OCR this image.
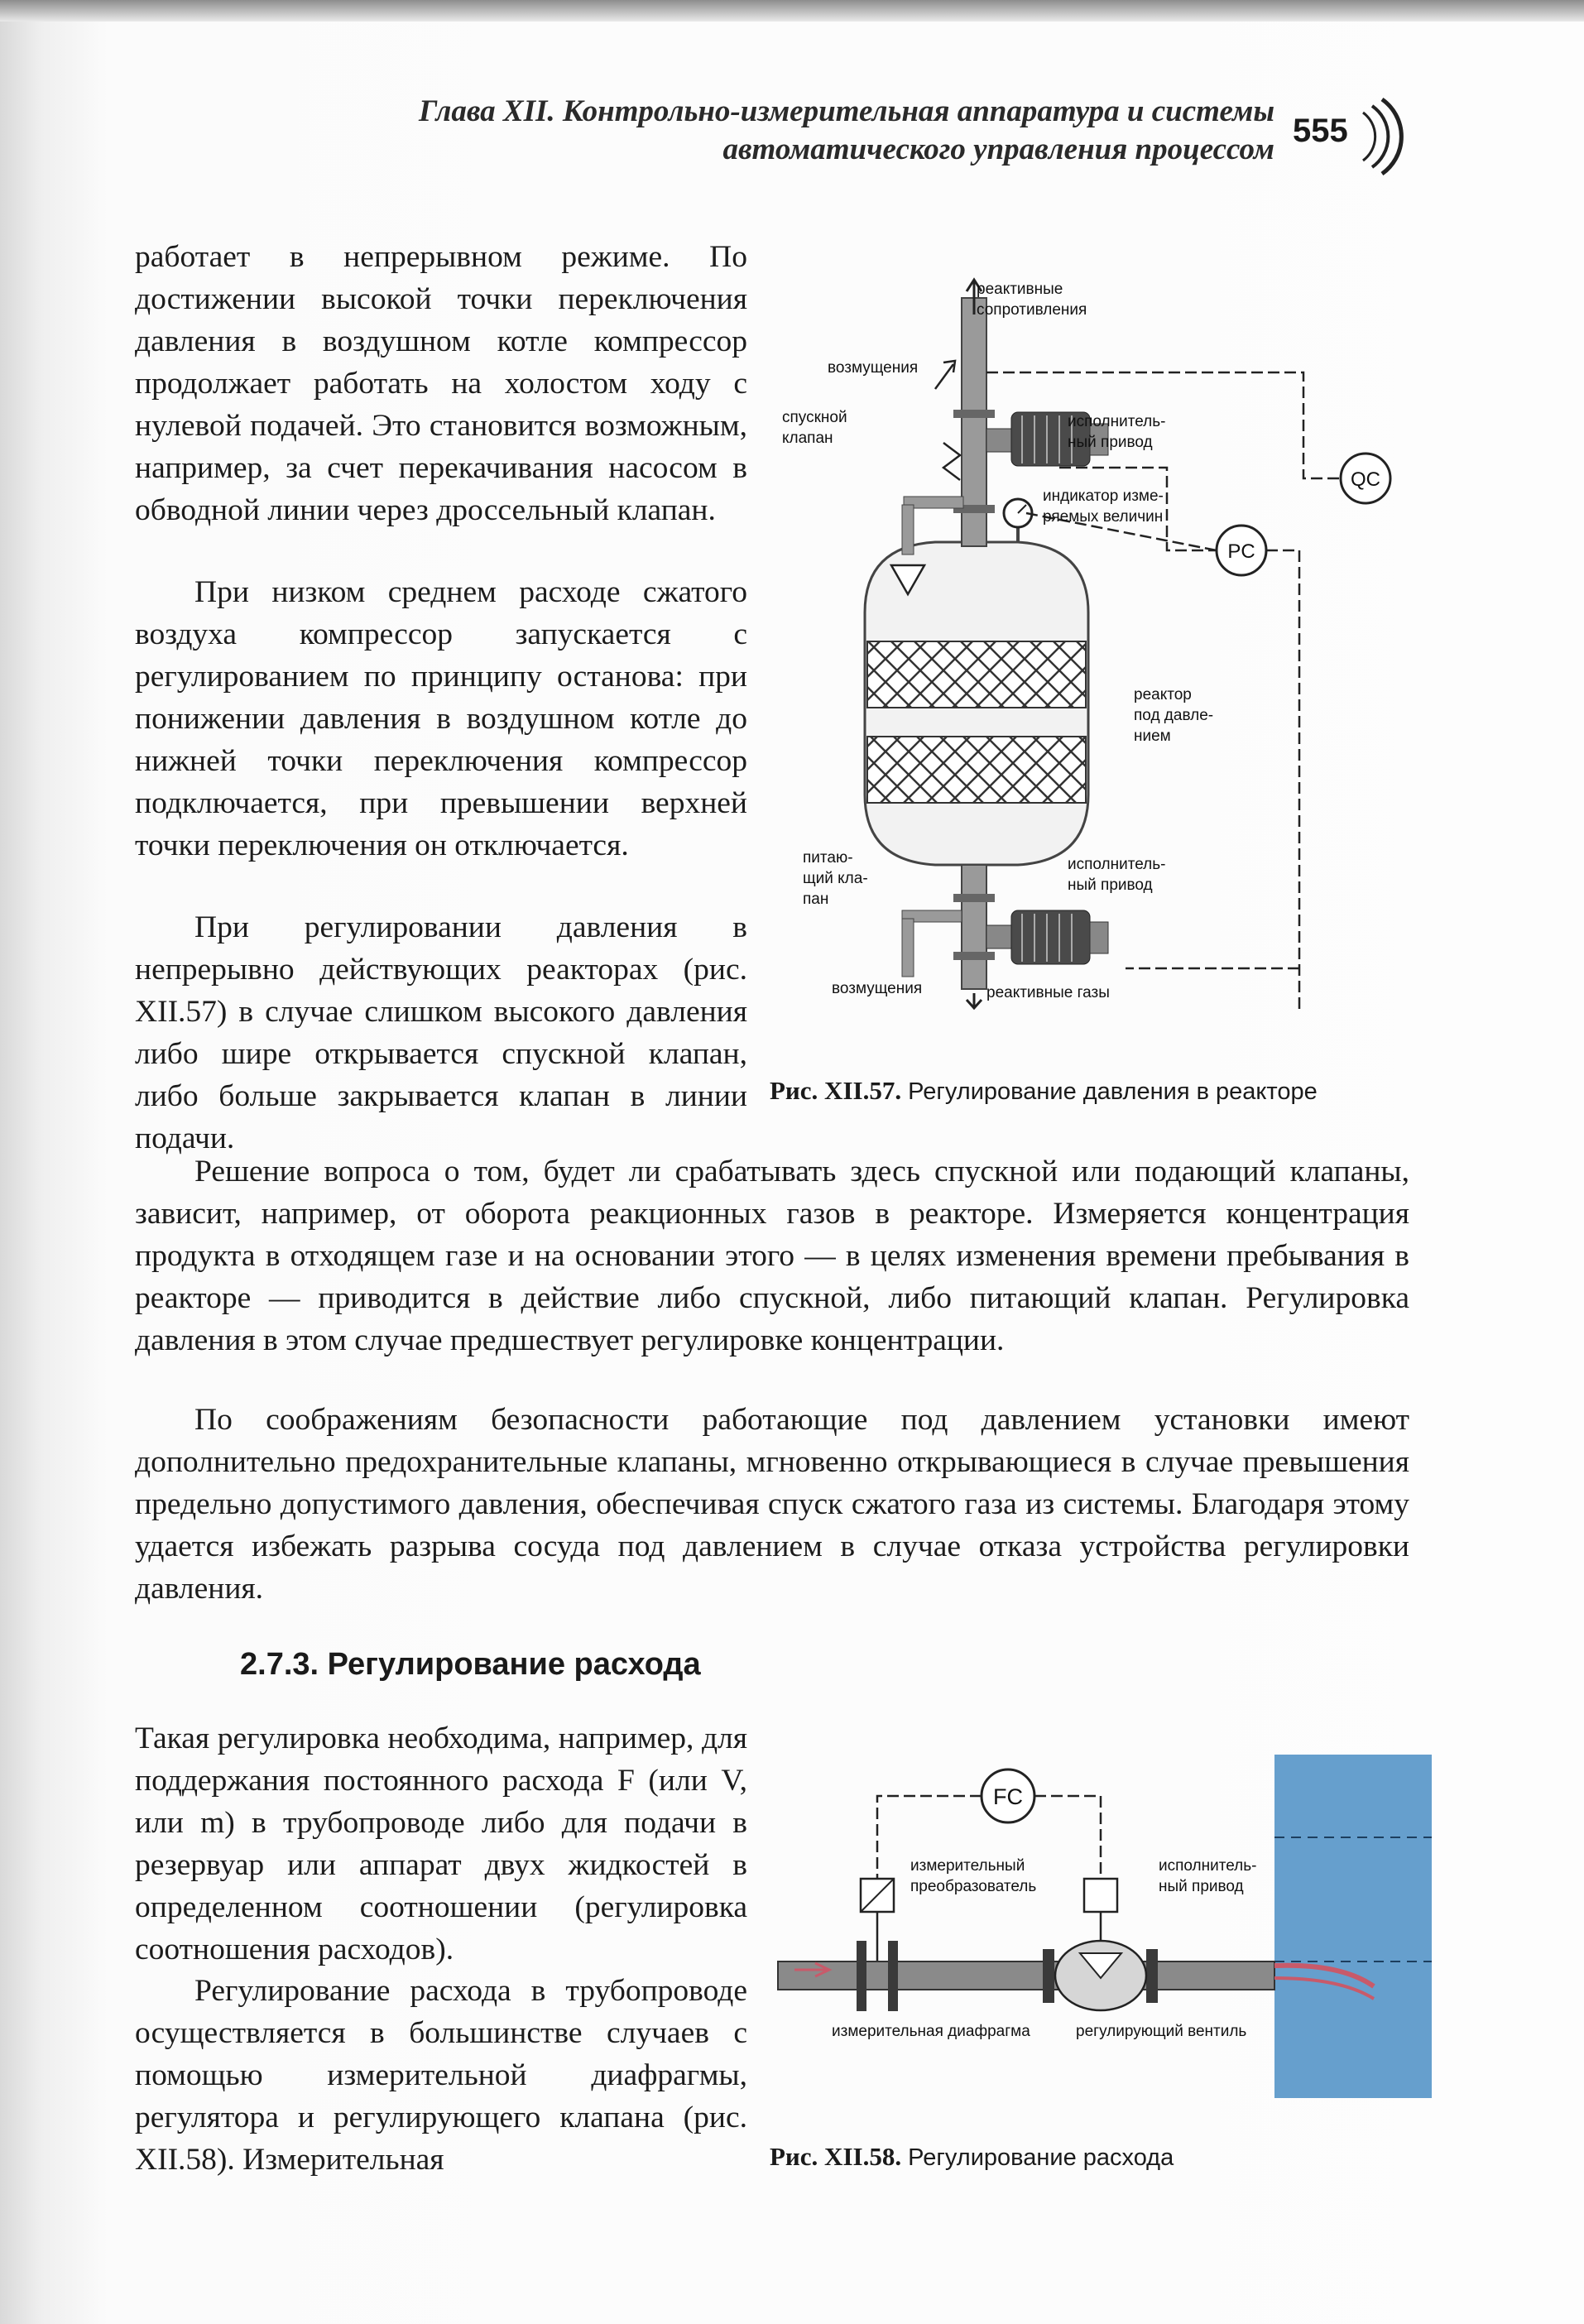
Глава XII. Контрольно-измерительная аппаратура и системы
автоматического управления процессом
555

работает в непрерывном режиме. По достижении высокой точки переключения давления в воздушном котле компрессор продолжает работать на холостом ходу с нулевой подачей. Это становится возможным, например, за счет перекачивания насосом в обводной линии через дроссельный клапан.

При низком среднем расходе сжатого воздуха компрессор запускается с регулированием по принципу останова: при понижении давления в воздушном котле до нижней точки переключения компрессор подключается, при превышении верхней точки переключения он отключается.

При регулировании давления в непрерывно действующих реакторах (рис. XII.57) в случае слишком высокого давления либо шире открывается спускной клапан, либо больше закрывается клапан в линии подачи.

Решение вопроса о том, будет ли срабатывать здесь спускной или подающий клапаны, зависит, например, от оборота реакционных газов в реакторе. Измеряется концентрация продукта в отходящем газе и на основании этого — в целях изменения времени пребывания в реакторе — приводится в действие либо спускной, либо питающий клапан. Регулировка давления в этом случае предшествует регулировке концентрации.

По соображениям безопасности работающие под давлением установки имеют дополнительно предохранительные клапаны, мгновенно открывающиеся в случае превышения предельно допустимого давления, обеспечивая спуск сжатого газа из системы. Благодаря этому удается избежать разрыва сосуда под давлением в случае отказа устройства регулировки давления.

2.7.3. Регулирование расхода

Такая регулировка необходима, например, для поддержания постоянного расхода F (или V, или m) в трубопроводе либо для подачи в резервуар или аппарат двух жидкостей в определенном соотношении (регулировка соотношения расходов).

Регулирование расхода в трубопроводе осуществляется в большинстве случаев с помощью измерительной диафрагмы, регулятора и регулирующего клапана (рис. XII.58). Измерительная

PC
QC
реактивные
сопротивления
возмущения
спускной
клапан
исполнитель-
ный привод
индикатор изме-
ряемых величин
реактор
под давле-
нием
питаю-
щий кла-
пан
исполнитель-
ный привод
возмущения	реактивные газы
Рис. XII.57. Регулирование давления в реакторе
FC
измерительный
преобразователь
исполнитель-
ный привод
измерительная диафрагма	регулирующий вентиль
Рис. XII.58. Регулирование расхода
